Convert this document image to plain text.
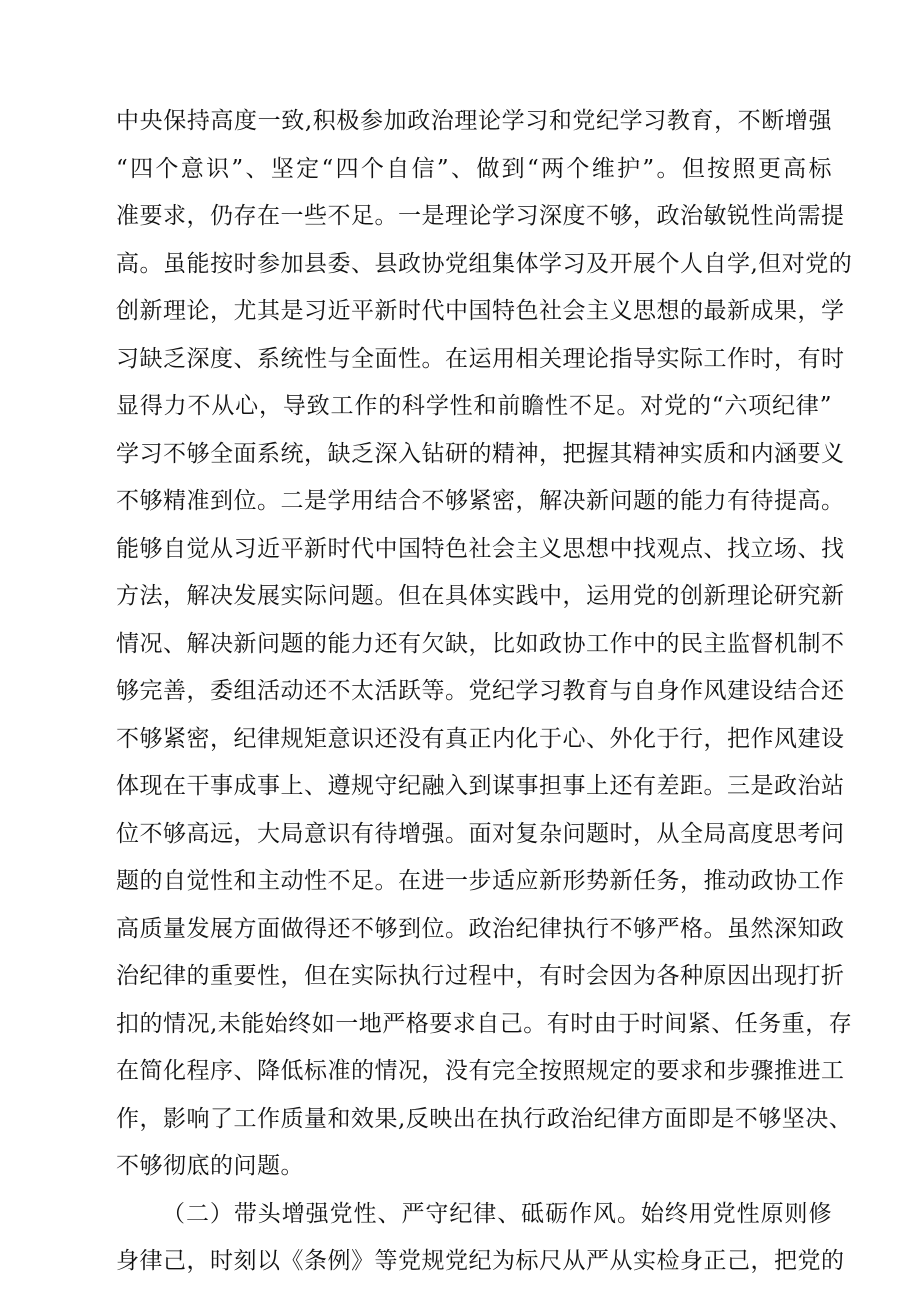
中央保持高度一致,积极参加政治理论学习和党纪学习教育，不断增强
“四个意识”、坚定“四个自信”、做到“两个维护”。但按照更高标
准要求，仍存在一些不足。一是理论学习深度不够，政治敏锐性尚需提
高。虽能按时参加县委、县政协党组集体学习及开展个人自学,但对党的
创新理论，尤其是习近平新时代中国特色社会主义思想的最新成果，学
习缺乏深度、系统性与全面性。在运用相关理论指导实际工作时，有时
显得力不从心，导致工作的科学性和前瞻性不足。对党的“六项纪律”
学习不够全面系统，缺乏深入钻研的精神，把握其精神实质和内涵要义
不够精准到位。二是学用结合不够紧密，解决新问题的能力有待提高。
能够自觉从习近平新时代中国特色社会主义思想中找观点、找立场、找
方法，解决发展实际问题。但在具体实践中，运用党的创新理论研究新
情况、解决新问题的能力还有欠缺，比如政协工作中的民主监督机制不
够完善，委组活动还不太活跃等。党纪学习教育与自身作风建设结合还
不够紧密，纪律规矩意识还没有真正内化于心、外化于行，把作风建设
体现在干事成事上、遵规守纪融入到谋事担事上还有差距。三是政治站
位不够高远，大局意识有待增强。面对复杂问题时，从全局高度思考问
题的自觉性和主动性不足。在进一步适应新形势新任务，推动政协工作
高质量发展方面做得还不够到位。政治纪律执行不够严格。虽然深知政
治纪律的重要性，但在实际执行过程中，有时会因为各种原因出现打折
扣的情况,未能始终如一地严格要求自己。有时由于时间紧、任务重，存
在简化程序、降低标准的情况，没有完全按照规定的要求和步骤推进工
作，影响了工作质量和效果,反映出在执行政治纪律方面即是不够坚决、
不够彻底的问题。
（二）带头增强党性、严守纪律、砥砺作风。始终用党性原则修
身律己，时刻以《条例》等党规党纪为标尺从严从实检身正己，把党的
